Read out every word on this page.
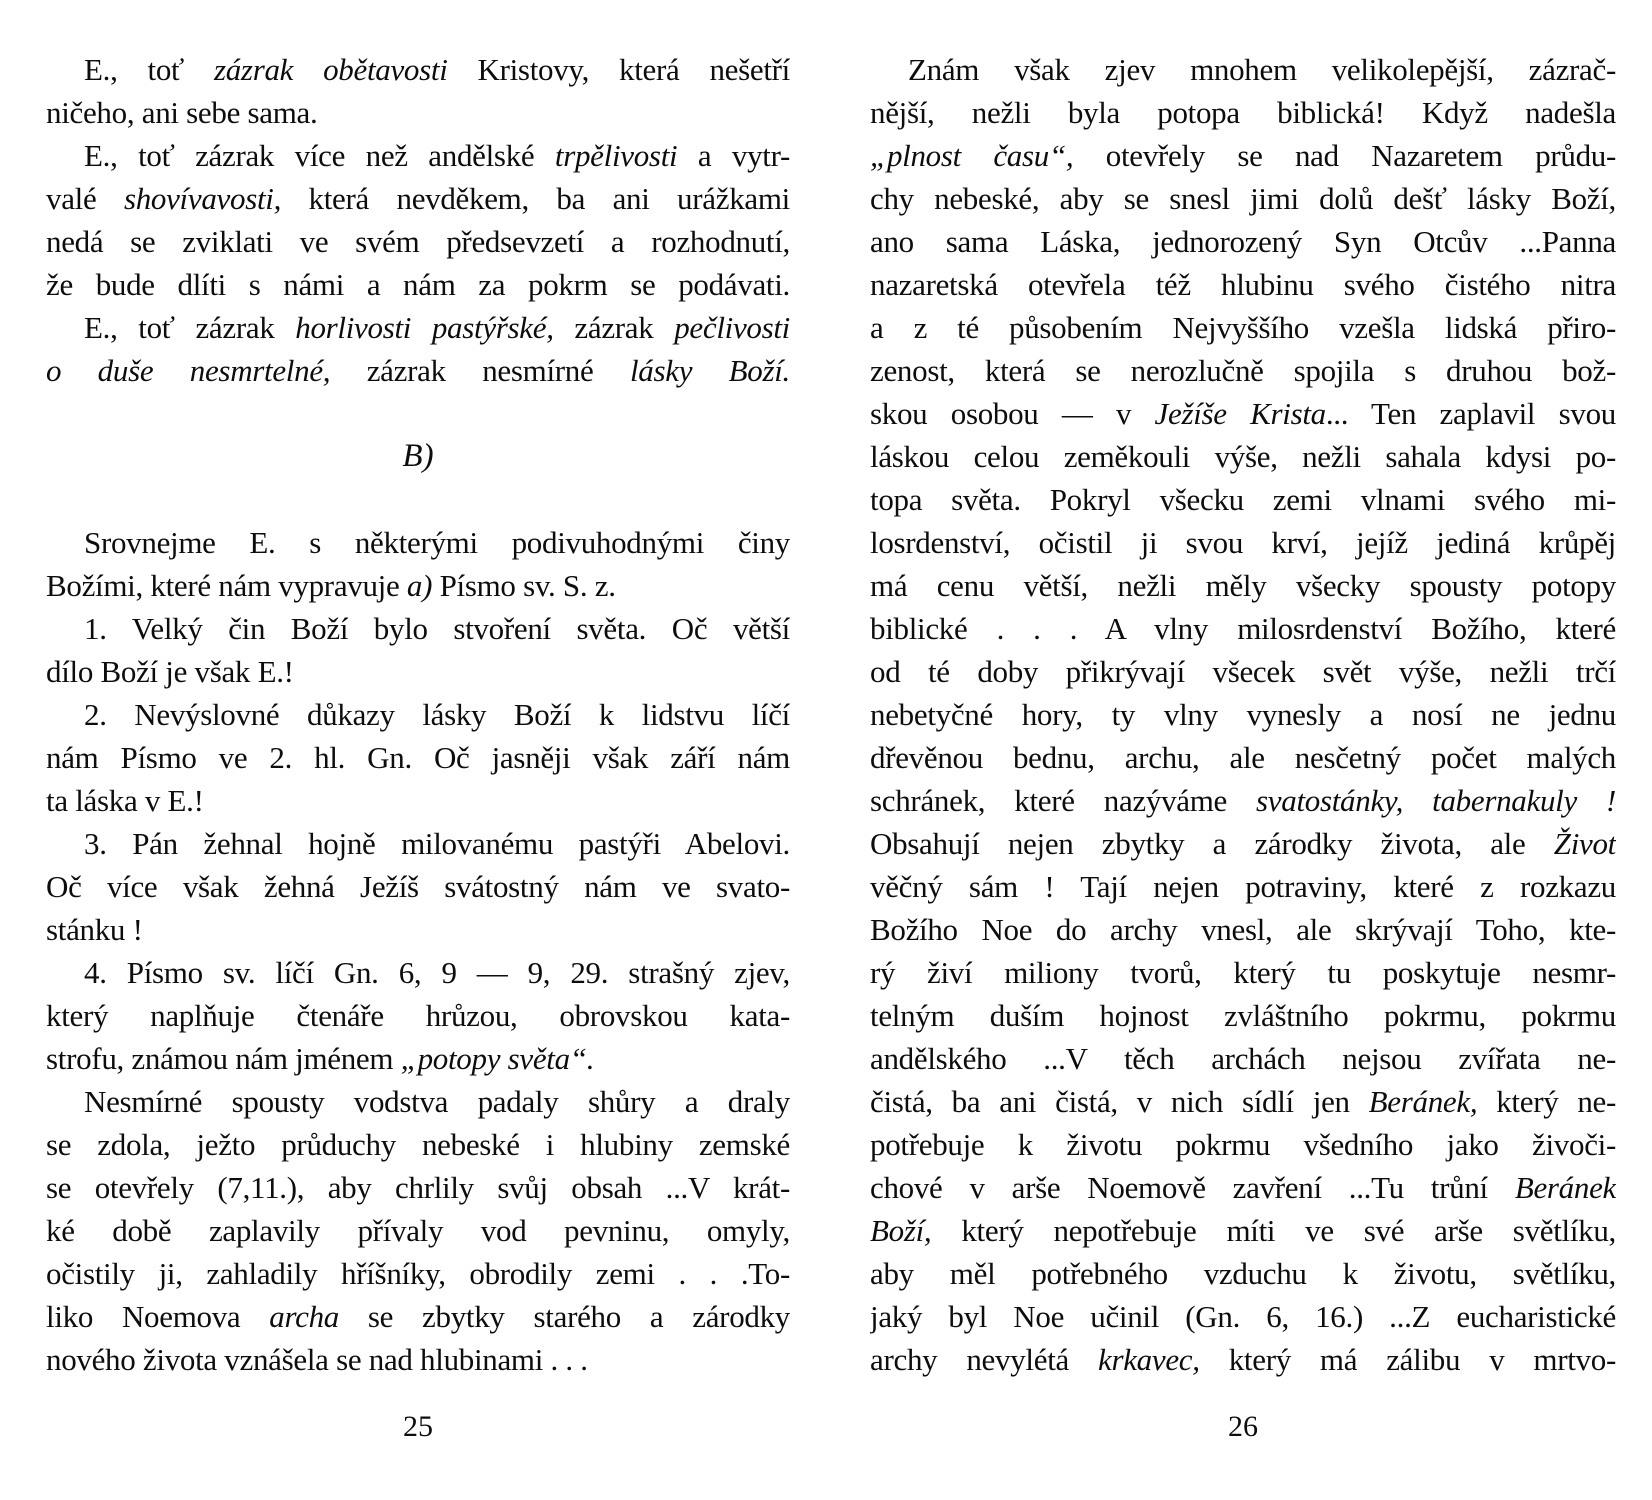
E., toť zázrak obětavosti Kristovy, která nešetří
ničeho, ani sebe sama.
E., toť zázrak více než andělské trpělivosti a vytr-
valé shovívavosti, která nevděkem, ba ani urážkami
nedá se zviklati ve svém předsevzetí a rozhodnutí,
že bude dlíti s námi a nám za pokrm se podávati.
E., toť zázrak horlivosti pastýřské, zázrak pečlivosti
o duše nesmrtelné, zázrak nesmírné lásky Boží.
B)
Srovnejme E. s některými podivuhodnými činy
Božími, které nám vypravuje a) Písmo sv. S. z.
1. Velký čin Boží bylo stvoření světa. Oč větší
dílo Boží je však E.!
2. Nevýslovné důkazy lásky Boží k lidstvu líčí
nám Písmo ve 2. hl. Gn. Oč jasněji však září nám
ta láska v E.!
3. Pán žehnal hojně milovanému pastýři Abelovi.
Oč více však žehná Ježíš svátostný nám ve svato-
stánku !
4. Písmo sv. líčí Gn. 6, 9 — 9, 29. strašný zjev,
který naplňuje čtenáře hrůzou, obrovskou kata-
strofu, známou nám jménem „potopy světa“.
Nesmírné spousty vodstva padaly shůry a draly
se zdola, ježto průduchy nebeské i hlubiny zemské
se otevřely (7,11.), aby chrlily svůj obsah ...V krát-
ké době zaplavily přívaly vod pevninu, omyly,
očistily ji, zahladily hříšníky, obrodily zemi . . .To-
liko Noemova archa se zbytky starého a zárodky
nového života vznášela se nad hlubinami . . .
25
Znám však zjev mnohem velikolepější, zázrač-
nější, nežli byla potopa biblická! Když nadešla
„plnost času“, otevřely se nad Nazaretem průdu-
chy nebeské, aby se snesl jimi dolů dešť lásky Boží,
ano sama Láska, jednorozený Syn Otcův ...Panna
nazaretská otevřela též hlubinu svého čistého nitra
a z té působením Nejvyššího vzešla lidská přiro-
zenost, která se nerozlučně spojila s druhou bož-
skou osobou — v Ježíše Krista... Ten zaplavil svou
láskou celou zeměkouli výše, nežli sahala kdysi po-
topa světa. Pokryl všecku zemi vlnami svého mi-
losrdenství, očistil ji svou krví, jejíž jediná krůpěj
má cenu větší, nežli měly všecky spousty potopy
biblické . . . A vlny milosrdenství Božího, které
od té doby přikrývají všecek svět výše, nežli trčí
nebetyčné hory, ty vlny vynesly a nosí ne jednu
dřevěnou bednu, archu, ale nesčetný počet malých
schránek, které nazýváme svatostánky, tabernakuly !
Obsahují nejen zbytky a zárodky života, ale Život
věčný sám ! Tají nejen potraviny, které z rozkazu
Božího Noe do archy vnesl, ale skrývají Toho, kte-
rý živí miliony tvorů, který tu poskytuje nesmr-
telným duším hojnost zvláštního pokrmu, pokrmu
andělského ...V těch archách nejsou zvířata ne-
čistá, ba ani čistá, v nich sídlí jen Beránek, který ne-
potřebuje k životu pokrmu všedního jako živoči-
chové v arše Noemově zavření ...Tu trůní Beránek
Boží, který nepotřebuje míti ve své arše světlíku,
aby měl potřebného vzduchu k životu, světlíku,
jaký byl Noe učinil (Gn. 6, 16.) ...Z eucharistické
archy nevylétá krkavec, který má zálibu v mrtvo-
26
